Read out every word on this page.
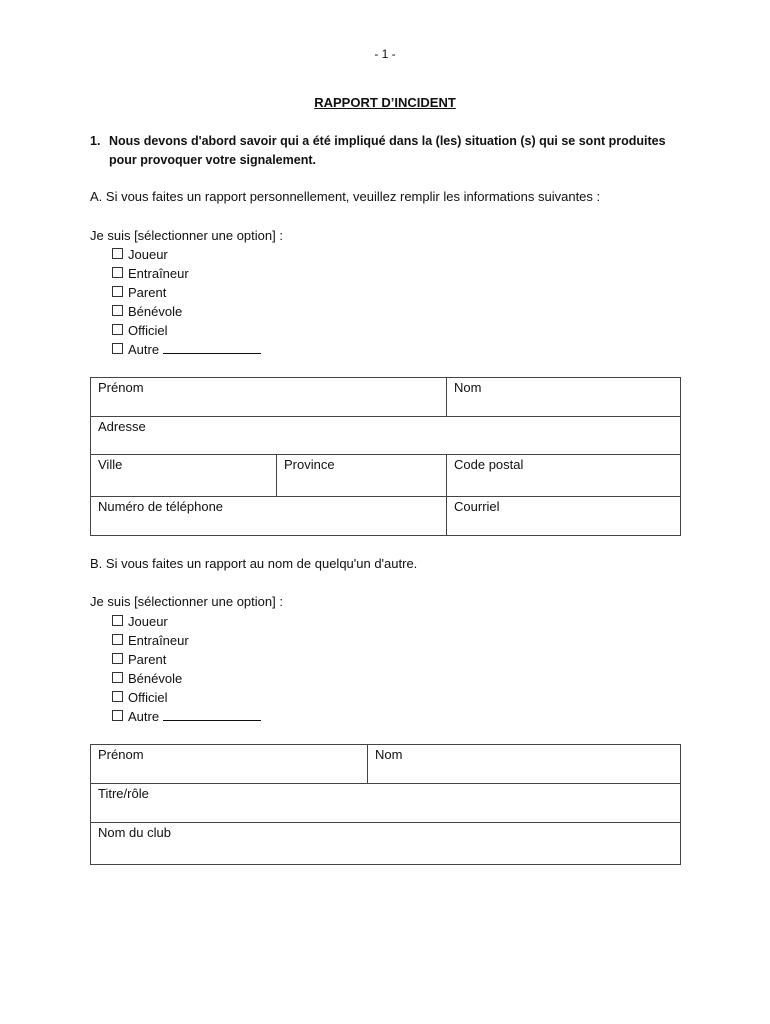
- 1 -
RAPPORT D’INCIDENT
1. Nous devons d'abord savoir qui a été impliqué dans la (les) situation (s) qui se sont produites pour provoquer votre signalement.
A. Si vous faites un rapport personnellement, veuillez remplir les informations suivantes :
Je suis [sélectionner une option] :
Joueur
Entraîneur
Parent
Bénévole
Officiel
Autre
Prénom		Nom
Adresse		
Ville	Province	Code postal
Numéro de téléphone		Courriel
B. Si vous faites un rapport au nom de quelqu'un d'autre.
Je suis [sélectionner une option] :
Joueur
Entraîneur
Parent
Bénévole
Officiel
Autre
Prénom	Nom
Titre/rôle
Nom du club
